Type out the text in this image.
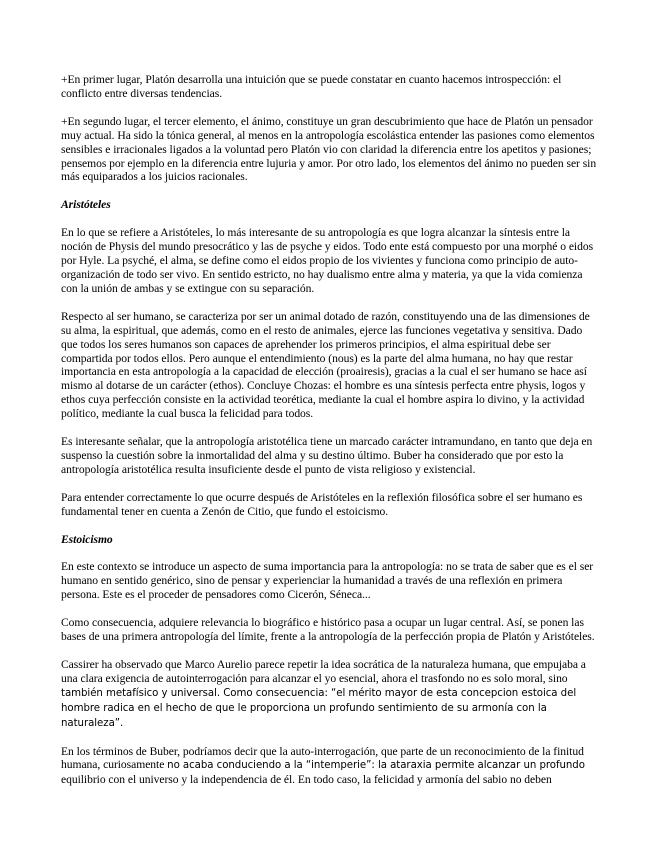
+En primer lugar, Platón desarrolla una intuición que se puede constatar en cuanto hacemos introspección: el conflicto entre diversas tendencias.

+En segundo lugar, el tercer elemento, el ánimo, constituye un gran descubrimiento que hace de Platón un pensador muy actual. Ha sido la tónica general, al menos en la antropología escolástica entender las pasiones como elementos sensibles e irracionales ligados a la voluntad pero Platón vio con claridad la diferencia entre los apetitos y pasiones; pensemos por ejemplo en la diferencia entre lujuria y amor. Por otro lado, los elementos del ánimo no pueden ser sin más equiparados a los juicios racionales.

Aristóteles

En lo que se refiere a Aristóteles, lo más interesante de su antropología es que logra alcanzar la síntesis entre la noción de Physis del mundo presocrático y las de psyche y eidos. Todo ente está compuesto por una morphé o eidos por Hyle. La psyché, el alma, se define como el eidos propio de los vivientes y funciona como principio de auto-organización de todo ser vivo. En sentido estricto, no hay dualismo entre alma y materia, ya que la vida comienza con la unión de ambas y se extingue con su separación.

Respecto al ser humano, se caracteriza por ser un animal dotado de razón, constituyendo una de las dimensiones de su alma, la espiritual, que además, como en el resto de animales, ejerce las funciones vegetativa y sensitiva. Dado que todos los seres humanos son capaces de aprehender los primeros principios, el alma espiritual debe ser compartida por todos ellos. Pero aunque el entendimiento (nous) es la parte del alma humana, no hay que restar importancia en esta antropología a la capacidad de elección (proairesis), gracias a la cual el ser humano se hace así mismo al dotarse de un carácter (ethos). Concluye Chozas: el hombre es una síntesis perfecta entre physis, logos y ethos cuya perfección consiste en la actividad teorética, mediante la cual el hombre aspira lo divino, y la actividad político, mediante la cual busca la felicidad para todos.

Es interesante señalar, que la antropología aristotélica tiene un marcado carácter intramundano, en tanto que deja en suspenso la cuestión sobre la inmortalidad del alma y su destino último. Buber ha considerado que por esto la antropología aristotélica resulta insuficiente desde el punto de vista religioso y existencial.

Para entender correctamente lo que ocurre después de Aristóteles en la reflexión filosófica sobre el ser humano es fundamental tener en cuenta a Zenón de Citio, que fundo el estoicismo.

Estoicismo

En este contexto se introduce un aspecto de suma importancia para la antropología: no se trata de saber que es el ser humano en sentido genérico, sino de pensar y experienciar la humanidad a través de una reflexión en primera persona. Este es el proceder de pensadores como Cicerón, Séneca...

Como consecuencia, adquiere relevancia lo biográfico e histórico pasa a ocupar un lugar central. Así, se ponen las bases de una primera antropología del límite, frente a la antropología de la perfección propia de Platón y Aristóteles.

Cassirer ha observado que Marco Aurelio parece repetir la idea socrática de la naturaleza humana, que empujaba a una clara exigencia de autointerrogación para alcanzar el yo esencial, ahora el trasfondo no es solo moral, sino también metafísico y universal. Como consecuencia: “el mérito mayor de esta concepcion estoica del hombre radica en el hecho de que le proporciona un profundo sentimiento de su armonía con la naturaleza”.

En los términos de Buber, podríamos decir que la auto-interrogación, que parte de un reconocimiento de la finitud humana, curiosamente no acaba conduciendo a la “intemperie”: la ataraxia permite alcanzar un profundo equilibrio con el universo y la independencia de él. En todo caso, la felicidad y armonía del sabio no deben
